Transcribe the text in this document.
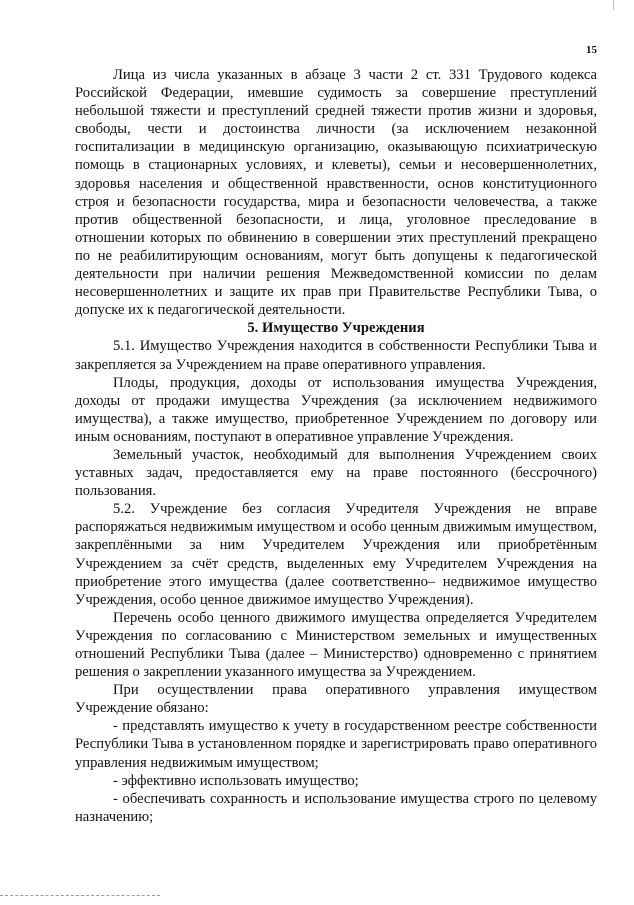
15

Лица из числа указанных в абзаце 3 части 2 ст. 331 Трудового кодекса Российской Федерации, имевшие судимость за совершение преступлений небольшой тяжести и преступлений средней тяжести против жизни и здоровья, свободы, чести и достоинства личности (за исключением незаконной госпитализации в медицинскую организацию, оказывающую психиатрическую помощь в стационарных условиях, и клеветы), семьи и несовершеннолетних, здоровья населения и общественной нравственности, основ конституционного строя и безопасности государства, мира и безопасности человечества, а также против общественной безопасности, и лица, уголовное преследование в отношении которых по обвинению в совершении этих преступлений прекращено по не реабилитирующим основаниям, могут быть допущены к педагогической деятельности при наличии решения Межведомственной комиссии по делам несовершеннолетних и защите их прав при Правительстве Республики Тыва, о допуске их к педагогической деятельности.

5. Имущество Учреждения

5.1. Имущество Учреждения находится в собственности Республики Тыва и закрепляется за Учреждением на праве оперативного управления.

Плоды, продукция, доходы от использования имущества Учреждения, доходы от продажи имущества Учреждения (за исключением недвижимого имущества), а также имущество, приобретенное Учреждением по договору или иным основаниям, поступают в оперативное управление Учреждения.

Земельный участок, необходимый для выполнения Учреждением своих уставных задач, предоставляется ему на праве постоянного (бессрочного) пользования.

5.2. Учреждение без согласия Учредителя Учреждения не вправе распоряжаться недвижимым имуществом и особо ценным движимым имуществом, закреплёнными за ним Учредителем Учреждения или приобретённым Учреждением за счёт средств, выделенных ему Учредителем Учреждения на приобретение этого имущества (далее соответственно– недвижимое имущество Учреждения, особо ценное движимое имущество Учреждения).

Перечень особо ценного движимого имущества определяется Учредителем Учреждения по согласованию с Министерством земельных и имущественных отношений Республики Тыва (далее – Министерство) одновременно с принятием решения о закреплении указанного имущества за Учреждением.

При осуществлении права оперативного управления имуществом Учреждение обязано:

- представлять имущество к учету в государственном реестре собственности Республики Тыва в установленном порядке и зарегистрировать право оперативного управления недвижимым имуществом;

- эффективно использовать имущество;

- обеспечивать сохранность и использование имущества строго по целевому назначению;
